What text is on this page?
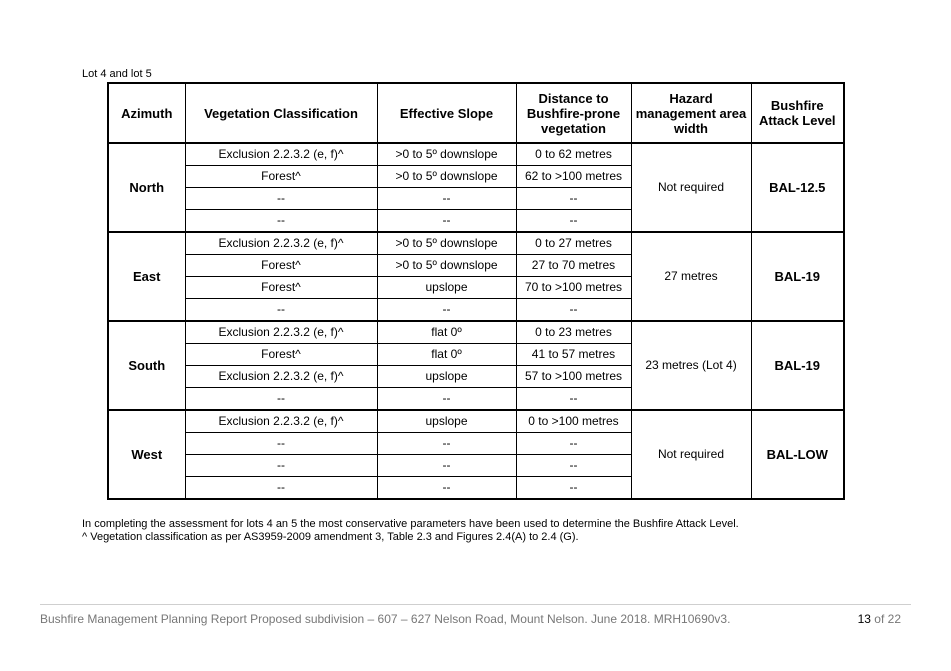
Lot 4 and lot 5
Azimuth	Vegetation Classification	Effective Slope	Distance to Bushfire-prone vegetation	Hazard management area width	Bushfire Attack Level
North	Exclusion 2.2.3.2 (e, f)^	>0 to 5º downslope	0 to 62 metres	Not required	BAL-12.5
	Forest^	>0 to 5º downslope	62 to >100 metres		
	--	--	--		
	--	--	--		
East	Exclusion 2.2.3.2 (e, f)^	>0 to 5º downslope	0 to 27 metres	27 metres	BAL-19
	Forest^	>0 to 5º downslope	27 to 70 metres		
	Forest^	upslope	70 to >100 metres		
	--	--	--		
South	Exclusion 2.2.3.2 (e, f)^	flat 0º	0 to 23 metres	23 metres (Lot 4)	BAL-19
	Forest^	flat 0º	41 to 57 metres		
	Exclusion 2.2.3.2 (e, f)^	upslope	57 to >100 metres		
	--	--	--		
West	Exclusion 2.2.3.2 (e, f)^	upslope	0 to >100 metres	Not required	BAL-LOW
	--	--	--		
	--	--	--		
	--	--	--		
In completing the assessment for lots 4 an 5 the most conservative parameters have been used to determine the Bushfire Attack Level.
^ Vegetation classification as per AS3959-2009 amendment 3, Table 2.3 and Figures 2.4(A) to 2.4 (G).
Bushfire Management Planning Report Proposed subdivision – 607 – 627 Nelson Road, Mount Nelson. June 2018. MRH10690v3.	13 of 22
